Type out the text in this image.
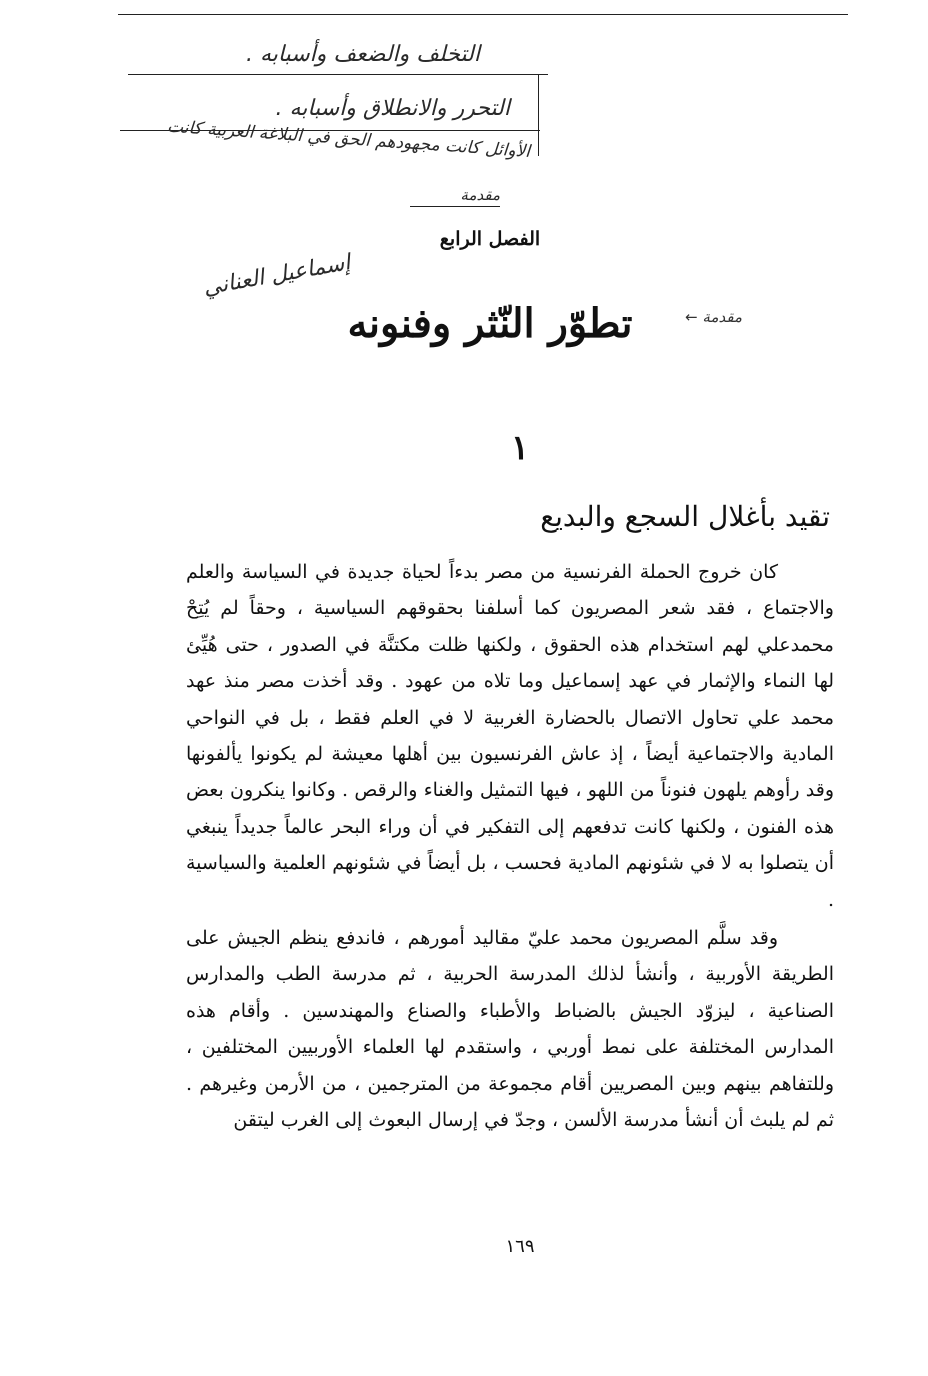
التخلف والضعف وأسبابه .
التحرر والانطلاق وأسبابه .
الأوائل كانت مجهودهم الحق في البلاغة العربية كانت
مقدمة
إسماعيل العناني
الفصل الرابع
تطوّر النّثر وفنونه	مقدمة ←
١
تقيد بأغلال السجع والبديع

كان خروج الحملة الفرنسية من مصر بدءاً لحياة جديدة في السياسة والعلم والاجتماع ، فقد شعر المصريون كما أسلفنا بحقوقهم السياسية ، وحقاً لم يُتِحْ محمدعلي لهم استخدام هذه الحقوق ، ولكنها ظلت مكتنَّة في الصدور ، حتى هُيِّئ لها النماء والإثمار في عهد إسماعيل وما تلاه من عهود . وقد أخذت مصر منذ عهد محمد علي تحاول الاتصال بالحضارة الغربية لا في العلم فقط ، بل في النواحي المادية والاجتماعية أيضاً ، إذ عاش الفرنسيون بين أهلها معيشة لم يكونوا يألفونها وقد رأوهم يلهون فنوناً من اللهو ، فيها التمثيل والغناء والرقص . وكانوا ينكرون بعض هذه الفنون ، ولكنها كانت تدفعهم إلى التفكير في أن وراء البحر عالماً جديداً ينبغي أن يتصلوا به لا في شئونهم المادية فحسب ، بل أيضاً في شئونهم العلمية والسياسية .

وقد سلَّم المصريون محمد عليّ مقاليد أمورهم ، فاندفع ينظم الجيش على الطريقة الأوربية ، وأنشأ لذلك المدرسة الحربية ، ثم مدرسة الطب والمدارس الصناعية ، ليزوّد الجيش بالضباط والأطباء والصناع والمهندسين . وأقام هذه المدارس المختلفة على نمط أوربي ، واستقدم لها العلماء الأوربيين المختلفين ، وللتفاهم بينهم وبين المصريين أقام مجموعة من المترجمين ، من الأرمن وغيرهم . ثم لم يلبث أن أنشأ مدرسة الألسن ، وجدّ في إرسال البعوث إلى الغرب ليتقن

١٦٩
